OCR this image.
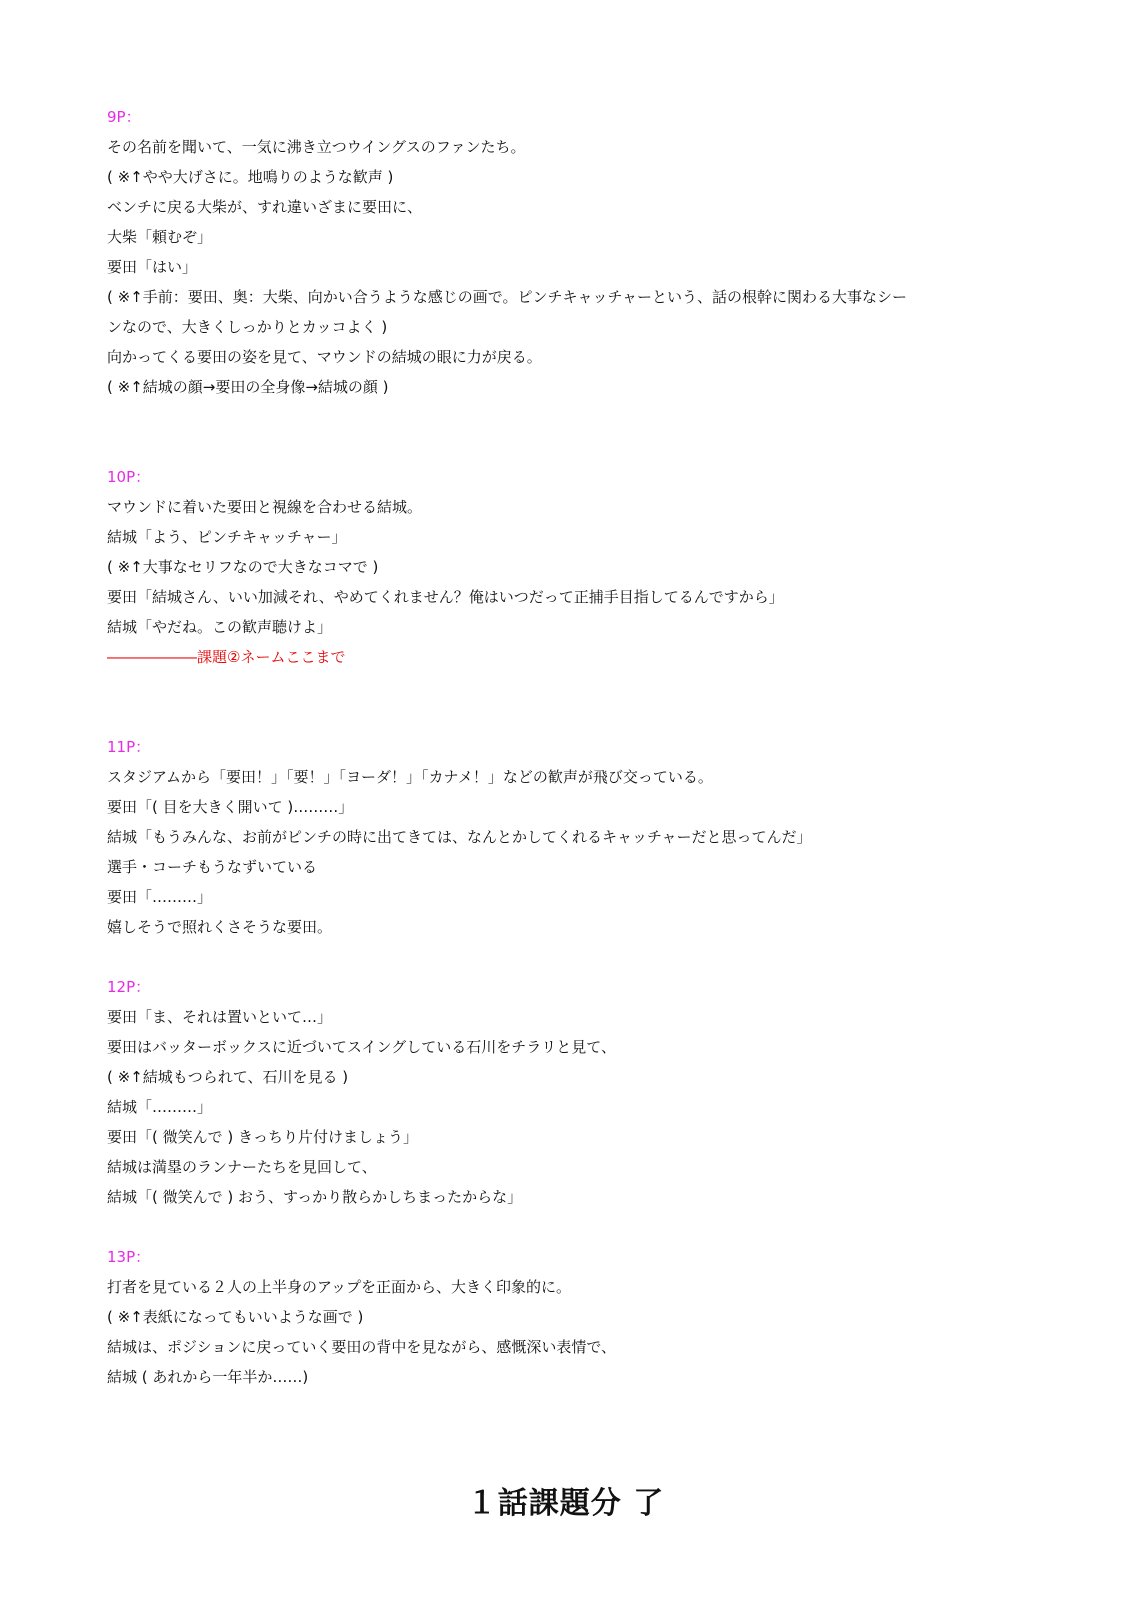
9P：
その名前を聞いて、一気に沸き立つウイングスのファンたち。
( ※↑やや大げさに。地鳴りのような歓声 )
ベンチに戻る大柴が、すれ違いざまに要田に、
大柴「頼むぞ」
要田「はい」
( ※↑手前：要田、奥：大柴、向かい合うような感じの画で。ピンチキャッチャーという、話の根幹に関わる大事なシー
ンなので、大きくしっかりとカッコよく )
向かってくる要田の姿を見て、マウンドの結城の眼に力が戻る。
( ※↑結城の顔→要田の全身像→結城の顔 )
10P：
マウンドに着いた要田と視線を合わせる結城。
結城「よう、ピンチキャッチャー」
( ※↑大事なセリフなので大きなコマで )
要田「結城さん、いい加減それ、やめてくれません？俺はいつだって正捕手目指してるんですから」
結城「やだね。この歓声聴けよ」
――――――課題②ネームここまで
11P：
スタジアムから「要田！」「要！」「ヨーダ！」「カナメ！」などの歓声が飛び交っている。
要田「( 目を大きく開いて )………」
結城「もうみんな、お前がピンチの時に出てきては、なんとかしてくれるキャッチャーだと思ってんだ」
選手・コーチもうなずいている
要田「………」
嬉しそうで照れくさそうな要田。
12P：
要田「ま、それは置いといて…」
要田はバッターボックスに近づいてスイングしている石川をチラリと見て、
( ※↑結城もつられて、石川を見る )
結城「………」
要田「( 微笑んで ) きっちり片付けましょう」
結城は満塁のランナーたちを見回して、
結城「( 微笑んで ) おう、すっかり散らかしちまったからな」
13P：
打者を見ている２人の上半身のアップを正面から、大きく印象的に。
( ※↑表紙になってもいいような画で )
結城は、ポジションに戻っていく要田の背中を見ながら、感慨深い表情で、
結城 ( あれから一年半か……)
１話課題分 了
